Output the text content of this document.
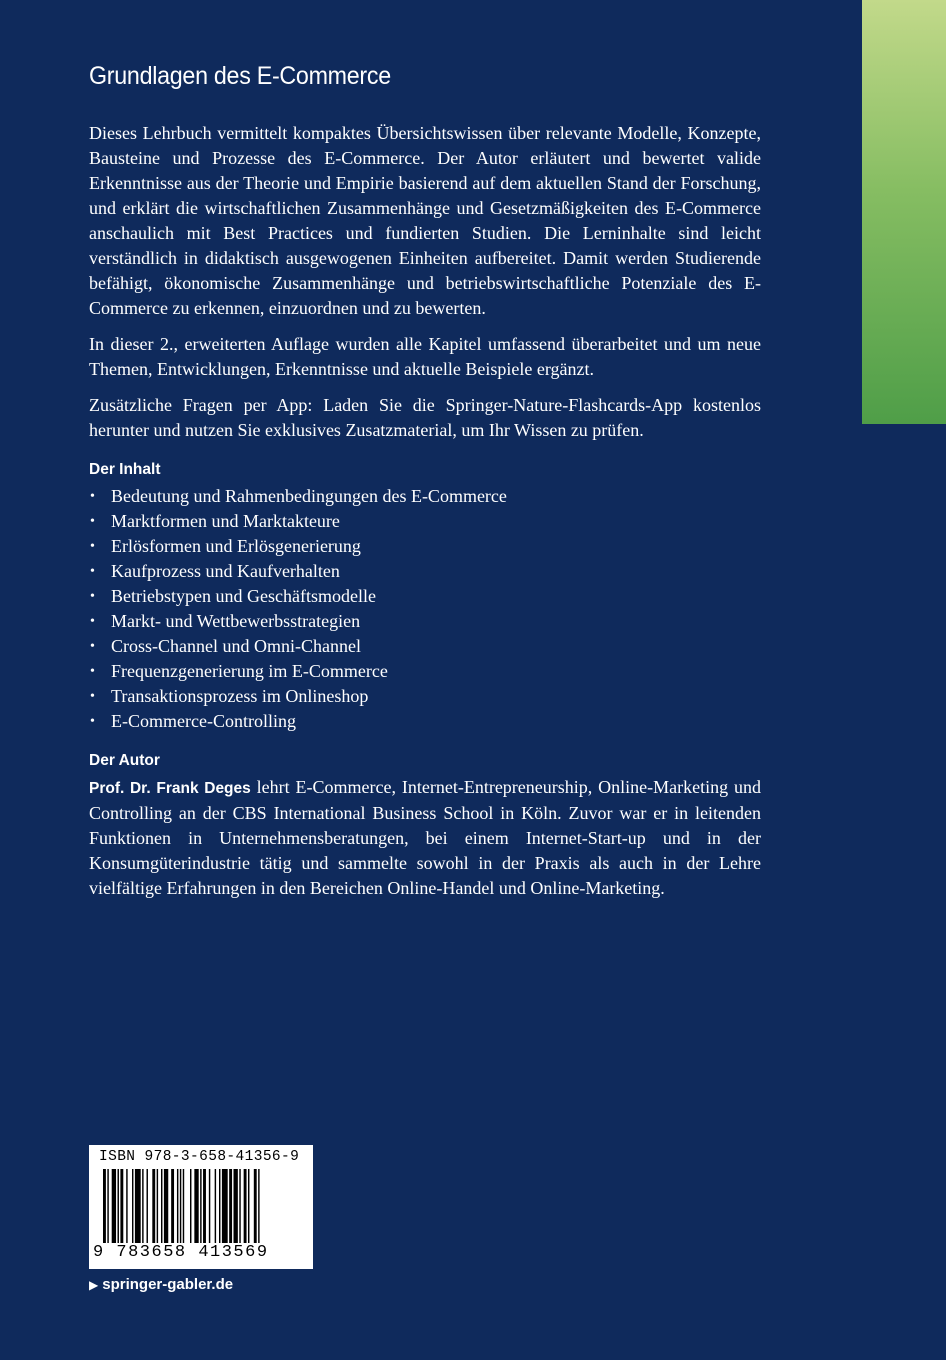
Grundlagen des E-Commerce

Dieses Lehrbuch vermittelt kompaktes Übersichtswissen über relevante Modelle, Konzepte, Bausteine und Prozesse des E-Commerce. Der Autor erläutert und bewertet valide Erkenntnisse aus der Theorie und Empirie basierend auf dem aktuellen Stand der Forschung, und erklärt die wirtschaftlichen Zusammenhänge und Gesetzmäßigkeiten des E-Commerce anschaulich mit Best Practices und fundierten Studien. Die Lerninhalte sind leicht verständlich in didaktisch ausgewogenen Einheiten aufbereitet. Damit werden Studierende befähigt, ökonomische Zusammenhänge und betriebswirtschaftliche Potenziale des E-Commerce zu erkennen, einzuordnen und zu bewerten.

In dieser 2., erweiterten Auflage wurden alle Kapitel umfassend überarbeitet und um neue Themen, Entwicklungen, Erkenntnisse und aktuelle Beispiele ergänzt.

Zusätzliche Fragen per App: Laden Sie die Springer-Nature-Flashcards-App kostenlos herunter und nutzen Sie exklusives Zusatzmaterial, um Ihr Wissen zu prüfen.

Der Inhalt
• Bedeutung und Rahmenbedingungen des E-Commerce
• Marktformen und Marktakteure
• Erlösformen und Erlösgenerierung
• Kaufprozess und Kaufverhalten
• Betriebstypen und Geschäftsmodelle
• Markt- und Wettbewerbsstrategien
• Cross-Channel und Omni-Channel
• Frequenzgenerierung im E-Commerce
• Transaktionsprozess im Onlineshop
• E-Commerce-Controlling
Der Autor

Prof. Dr. Frank Deges lehrt E-Commerce, Internet-Entrepreneurship, Online-Marketing und Controlling an der CBS International Business School in Köln. Zuvor war er in leitenden Funktionen in Unternehmensberatungen, bei einem Internet-Start-up und in der Konsumgüterindustrie tätig und sammelte sowohl in der Praxis als auch in der Lehre vielfältige Erfahrungen in den Bereichen Online-Handel und Online-Marketing.

ISBN 978-3-658-41356-9
9 783658 413569
▶ springer-gabler.de
